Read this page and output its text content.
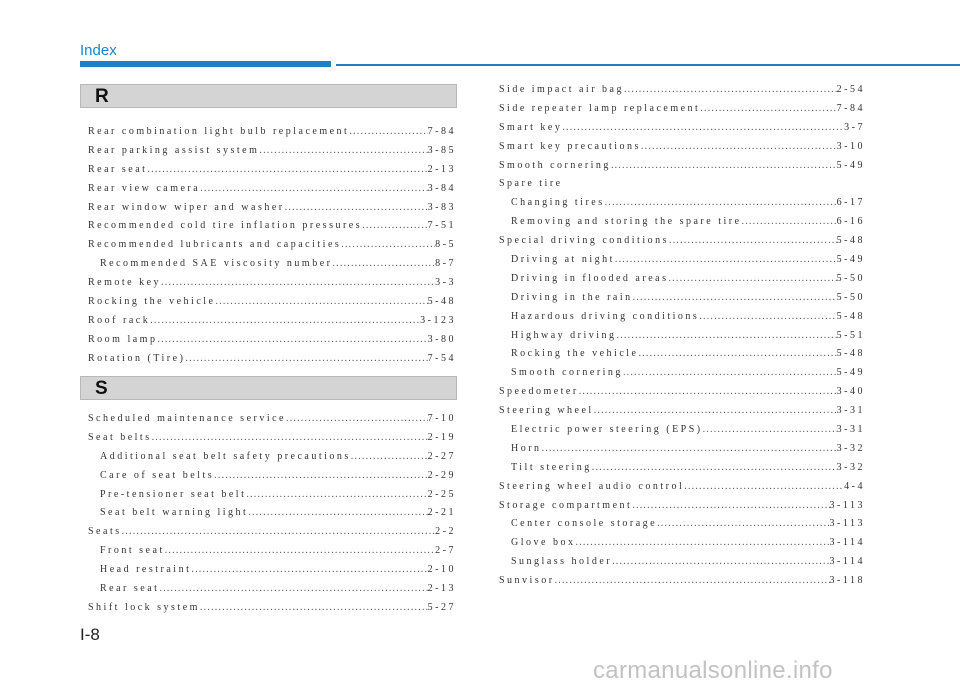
Index
R
Rear combination light bulb replacement .....	7-84
Rear parking assist system .....	3-85
Rear seat .....	2-13
Rear view camera .....	3-84
Rear window wiper and washer .....	3-83
Recommended cold tire inflation pressures .....	7-51
Recommended lubricants and capacities .....	8-5
Recommended SAE viscosity number .....	8-7
Remote key .....	3-3
Rocking the vehicle .....	5-48
Roof rack .....	3-123
Room lamp .....	3-80
Rotation (Tire) .....	7-54
S
Scheduled maintenance service .....	7-10
Seat belts .....	2-19
Additional seat belt safety precautions .....	2-27
Care of seat belts .....	2-29
Pre-tensioner seat belt .....	2-25
Seat belt warning light .....	2-21
Seats .....	2-2
Front seat .....	2-7
Head restraint .....	2-10
Rear seat .....	2-13
Shift lock system .....	5-27
Side impact air bag .....	2-54
Side repeater lamp replacement .....	7-84
Smart key .....	3-7
Smart key precautions .....	3-10
Smooth cornering .....	5-49
Spare tire
Changing tires .....	6-17
Removing and storing the spare tire .....	6-16
Special driving conditions .....	5-48
Driving at night .....	5-49
Driving in flooded areas .....	5-50
Driving in the rain .....	5-50
Hazardous driving conditions .....	5-48
Highway driving .....	5-51
Rocking the vehicle .....	5-48
Smooth cornering .....	5-49
Speedometer .....	3-40
Steering wheel .....	3-31
Electric power steering (EPS) .....	3-31
Horn .....	3-32
Tilt steering .....	3-32
Steering wheel audio control .....	4-4
Storage compartment .....	3-113
Center console storage .....	3-113
Glove box .....	3-114
Sunglass holder .....	3-114
Sunvisor .....	3-118
I-8
carmanualsonline.info
